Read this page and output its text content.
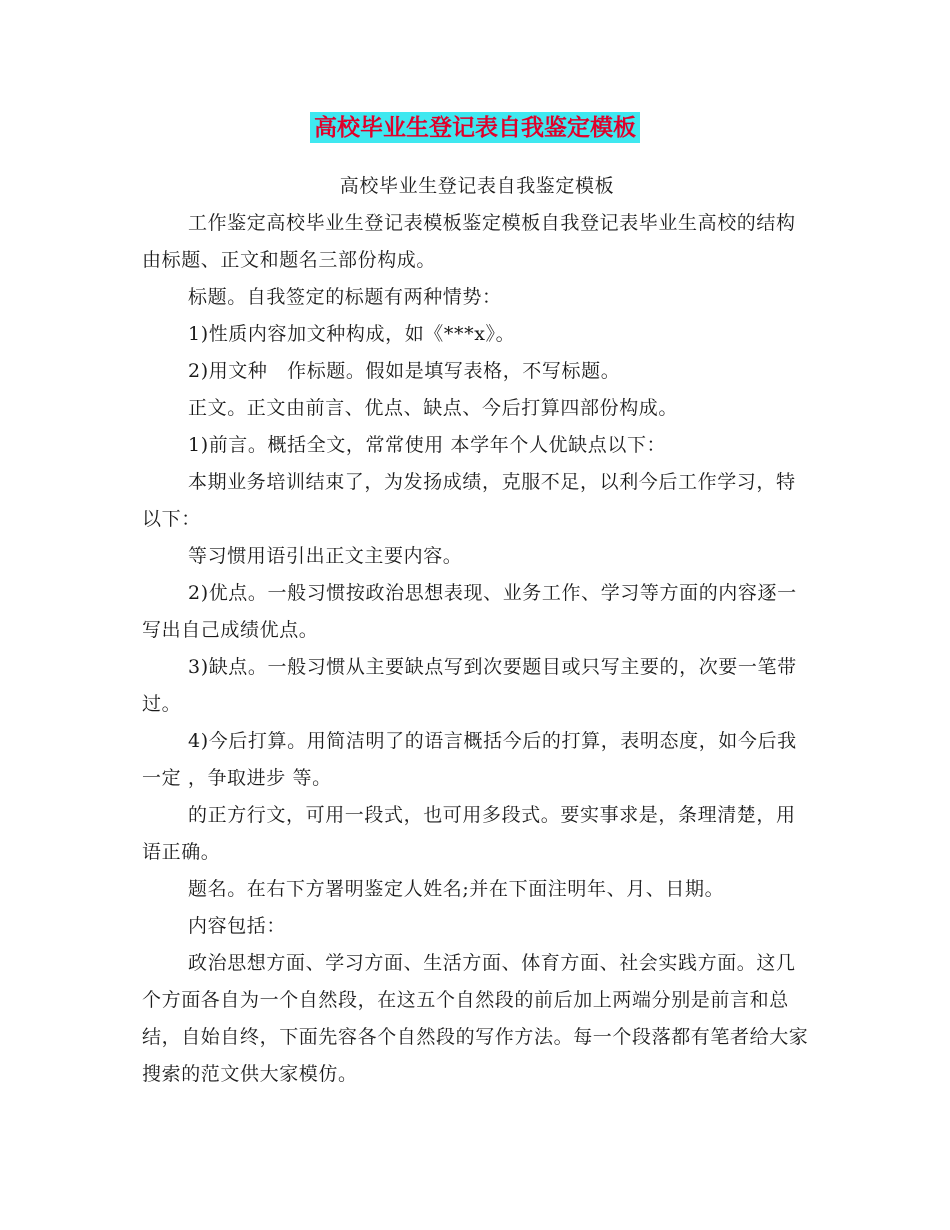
高校毕业生登记表自我鉴定模板

高校毕业生登记表自我鉴定模板

工作鉴定高校毕业生登记表模板鉴定模板自我登记表毕业生高校的结构由标题、正文和题名三部份构成。

标题。自我签定的标题有两种情势：

1)性质内容加文种构成，如《***x》。

2)用文种　作标题。假如是填写表格，不写标题。

正文。正文由前言、优点、缺点、今后打算四部份构成。

1)前言。概括全文，常常使用 本学年个人优缺点以下：

本期业务培训结束了，为发扬成绩，克服不足，以利今后工作学习，特以下：

等习惯用语引出正文主要内容。

2)优点。一般习惯按政治思想表现、业务工作、学习等方面的内容逐一写出自己成绩优点。

3)缺点。一般习惯从主要缺点写到次要题目或只写主要的，次要一笔带过。

4)今后打算。用简洁明了的语言概括今后的打算，表明态度，如今后我一定 ，争取进步 等。

的正方行文，可用一段式，也可用多段式。要实事求是，条理清楚，用语正确。

题名。在右下方署明鉴定人姓名;并在下面注明年、月、日期。

内容包括：

政治思想方面、学习方面、生活方面、体育方面、社会实践方面。这几个方面各自为一个自然段，在这五个自然段的前后加上两端分别是前言和总结，自始自终，下面先容各个自然段的写作方法。每一个段落都有笔者给大家搜索的范文供大家模仿。
